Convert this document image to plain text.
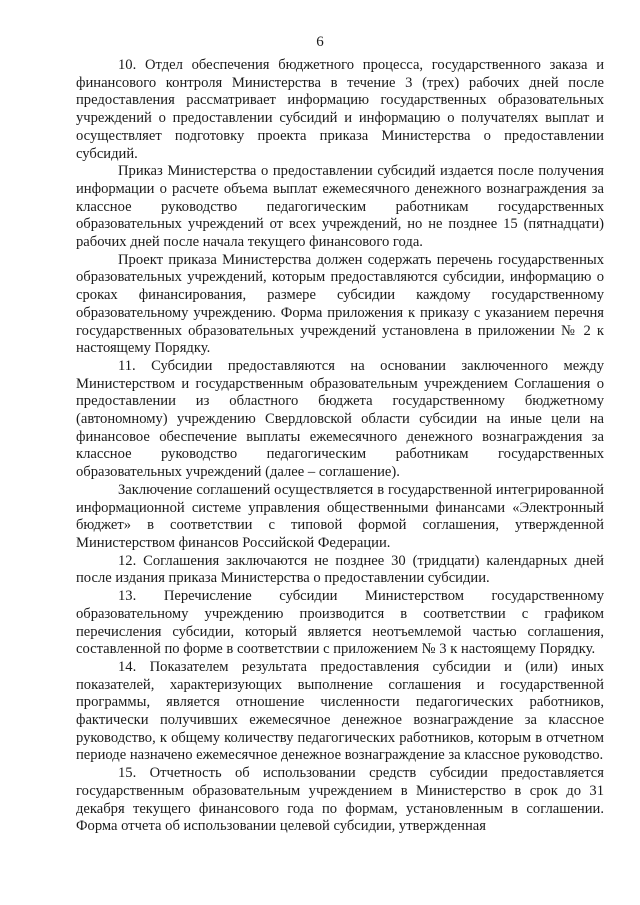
6

10. Отдел обеспечения бюджетного процесса, государственного заказа и финансового контроля Министерства в течение 3 (трех) рабочих дней после предоставления рассматривает информацию государственных образовательных учреждений о предоставлении субсидий и информацию о получателях выплат и осуществляет подготовку проекта приказа Министерства о предоставлении субсидий.

Приказ Министерства о предоставлении субсидий издается после получения информации о расчете объема выплат ежемесячного денежного вознаграждения за классное руководство педагогическим работникам государственных образовательных учреждений от всех учреждений, но не позднее 15 (пятнадцати) рабочих дней после начала текущего финансового года.

Проект приказа Министерства должен содержать перечень государственных образовательных учреждений, которым предоставляются субсидии, информацию о сроках финансирования, размере субсидии каждому государственному образовательному учреждению. Форма приложения к приказу с указанием перечня государственных образовательных учреждений установлена в приложении № 2 к настоящему Порядку.

11. Субсидии предоставляются на основании заключенного между Министерством и государственным образовательным учреждением Соглашения о предоставлении из областного бюджета государственному бюджетному (автономному) учреждению Свердловской области субсидии на иные цели на финансовое обеспечение выплаты ежемесячного денежного вознаграждения за классное руководство педагогическим работникам государственных образовательных учреждений (далее – соглашение).

Заключение соглашений осуществляется в государственной интегрированной информационной системе управления общественными финансами «Электронный бюджет» в соответствии с типовой формой соглашения, утвержденной Министерством финансов Российской Федерации.

12. Соглашения заключаются не позднее 30 (тридцати) календарных дней после издания приказа Министерства о предоставлении субсидии.

13. Перечисление субсидии Министерством государственному образовательному учреждению производится в соответствии с графиком перечисления субсидии, который является неотъемлемой частью соглашения, составленной по форме в соответствии с приложением № 3 к настоящему Порядку.

14. Показателем результата предоставления субсидии и (или) иных показателей, характеризующих выполнение соглашения и государственной программы, является отношение численности педагогических работников, фактически получивших ежемесячное денежное вознаграждение за классное руководство, к общему количеству педагогических работников, которым в отчетном периоде назначено ежемесячное денежное вознаграждение за классное руководство.

15. Отчетность об использовании средств субсидии предоставляется государственным образовательным учреждением в Министерство в срок до 31 декабря текущего финансового года по формам, установленным в соглашении. Форма отчета об использовании целевой субсидии, утвержденная
